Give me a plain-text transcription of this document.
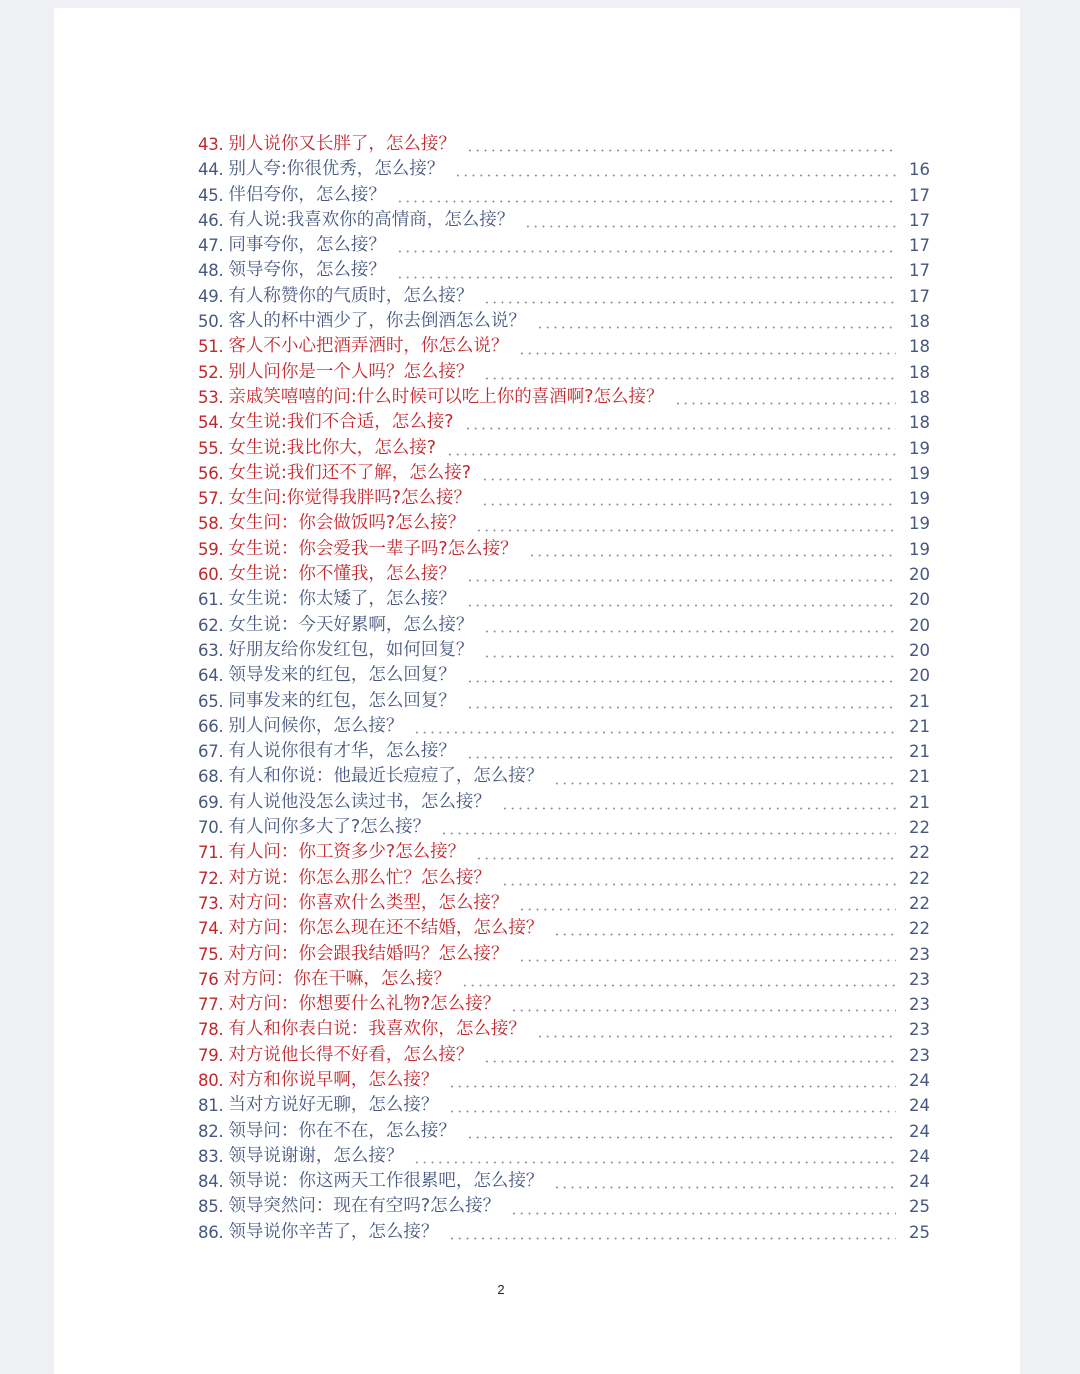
43. 别人说你又长胖了，怎么接？
44. 别人夸:你很优秀，怎么接？	16
45. 伴侣夸你，怎么接？	17
46. 有人说:我喜欢你的高情商，怎么接？	17
47. 同事夸你，怎么接？	17
48. 领导夸你，怎么接？	17
49. 有人称赞你的气质时，怎么接？	17
50. 客人的杯中酒少了，你去倒酒怎么说？	18
51. 客人不小心把酒弄洒时，你怎么说？	18
52. 别人问你是一个人吗？怎么接？	18
53. 亲戚笑嘻嘻的问:什么时候可以吃上你的喜酒啊?怎么接？	18
54. 女生说:我们不合适，怎么接?	18
55. 女生说:我比你大，怎么接?	19
56. 女生说:我们还不了解，怎么接?	19
57. 女生问:你觉得我胖吗?怎么接？	19
58. 女生问：你会做饭吗?怎么接？	19
59. 女生说：你会爱我一辈子吗?怎么接？	19
60. 女生说：你不懂我，怎么接？	20
61. 女生说：你太矮了，怎么接？	20
62. 女生说：今天好累啊，怎么接？	20
63. 好朋友给你发红包，如何回复？	20
64. 领导发来的红包，怎么回复？	20
65. 同事发来的红包，怎么回复？	21
66. 别人问候你，怎么接？	21
67. 有人说你很有才华，怎么接？	21
68. 有人和你说：他最近长痘痘了，怎么接？	21
69. 有人说他没怎么读过书，怎么接？	21
70. 有人问你多大了?怎么接？	22
71. 有人问：你工资多少?怎么接？	22
72. 对方说：你怎么那么忙？怎么接？	22
73. 对方问：你喜欢什么类型，怎么接？	22
74. 对方问：你怎么现在还不结婚，怎么接？	22
75. 对方问：你会跟我结婚吗？怎么接？	23
76 对方问：你在干嘛，怎么接？	23
77. 对方问：你想要什么礼物?怎么接？	23
78. 有人和你表白说：我喜欢你，怎么接？	23
79. 对方说他长得不好看，怎么接？	23
80. 对方和你说早啊，怎么接？	24
81. 当对方说好无聊，怎么接？	24
82. 领导问：你在不在，怎么接？	24
83. 领导说谢谢，怎么接？	24
84. 领导说：你这两天工作很累吧，怎么接？	24
85. 领导突然问：现在有空吗?怎么接？	25
86. 领导说你辛苦了，怎么接？	25
2
